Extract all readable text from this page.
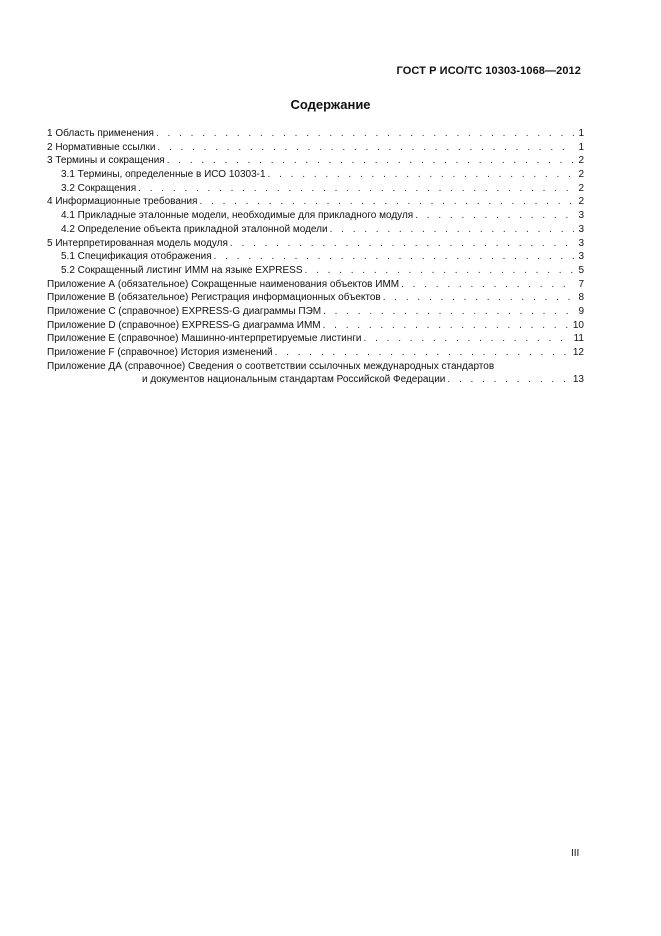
ГОСТ Р ИСО/ТС 10303-1068—2012
Содержание
1 Область применения . . .	1
2 Нормативные ссылки . . .	1
3 Термины и сокращения . . .	2
3.1 Термины, определенные в ИСО 10303-1 . . .	2
3.2 Сокращения . . .	2
4 Информационные требования . . .	2
4.1 Прикладные эталонные модели, необходимые для прикладного модуля . . .	3
4.2 Определение объекта прикладной эталонной модели . . .	3
5 Интерпретированная модель модуля . . .	3
5.1 Спецификация отображения . . .	3
5.2 Сокращенный листинг ИММ на языке EXPRESS . . .	5
Приложение А (обязательное) Сокращенные наименования объектов ИММ . . .	7
Приложение В (обязательное) Регистрация информационных объектов . . .	8
Приложение С (справочное) EXPRESS-G диаграммы ПЭМ . . .	9
Приложение D (справочное) EXPRESS-G диаграмма ИММ . . .	10
Приложение Е (справочное) Машинно-интерпретируемые листинги . . .	11
Приложение F (справочное) История изменений . . .	12
Приложение ДА (справочное) Сведения о соответствии ссылочных международных стандартов
и документов национальным стандартам Российской Федерации . . .	13
III
